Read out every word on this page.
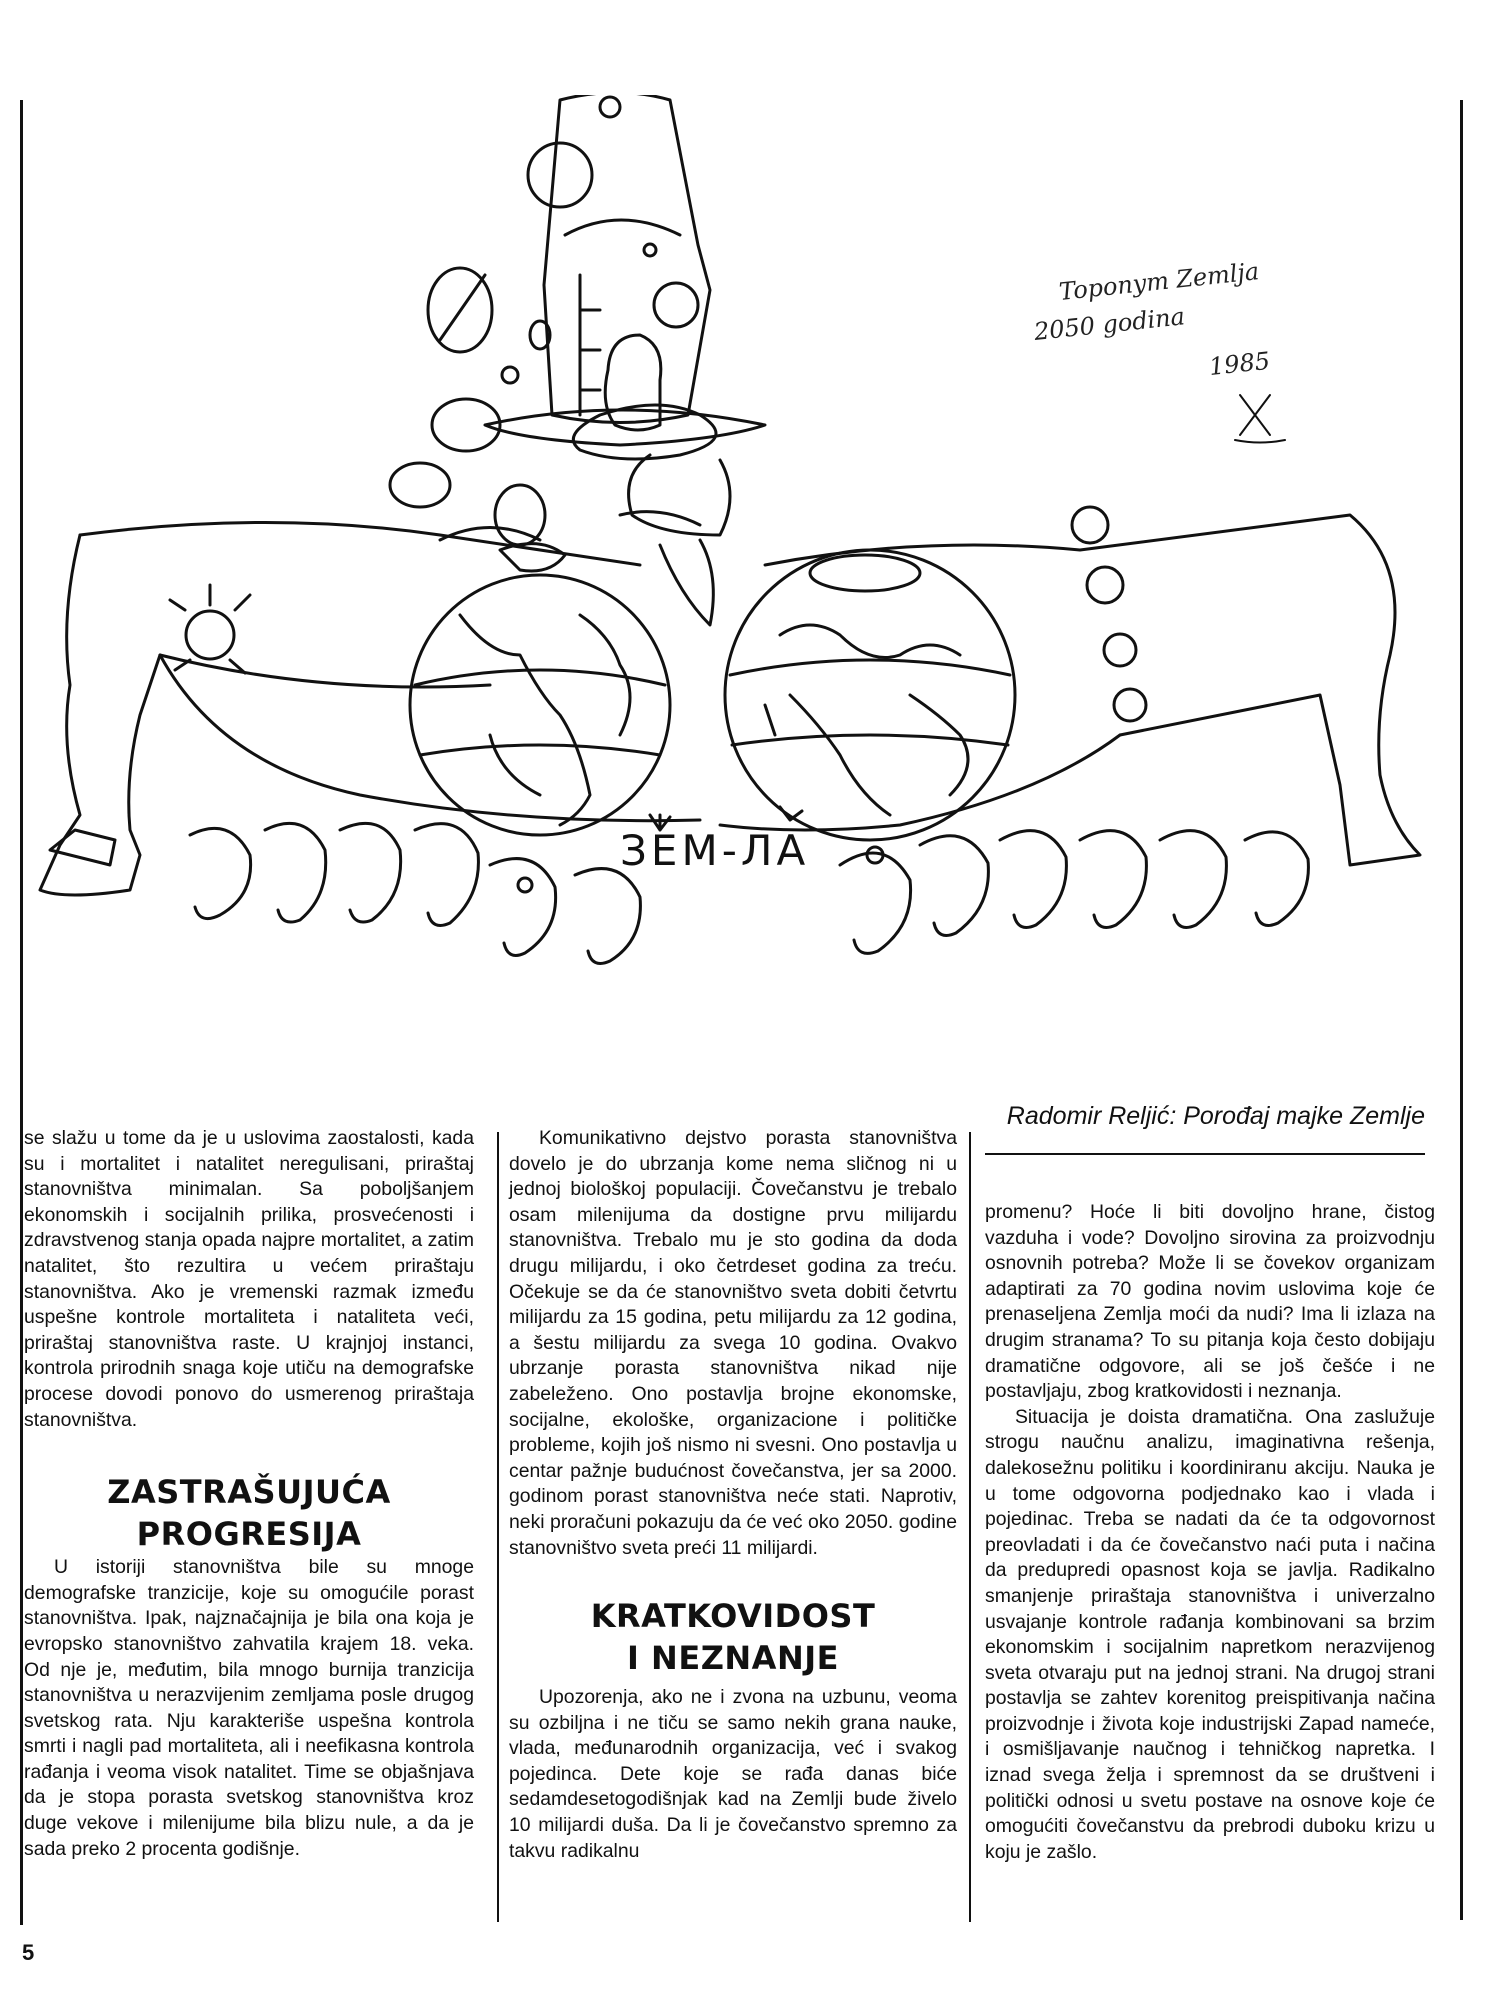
Toponym Zemlja
2050 godina
1985
ЗЕМ-ЛА
Radomir Reljić: Porođaj majke Zemlje

se slažu u tome da je u uslovima zaostalosti, kada su i mortalitet i natalitet neregulisani, priraštaj stanovništva minimalan. Sa poboljšanjem ekonomskih i socijalnih prilika, prosvećenosti i zdravstvenog stanja opada najpre mortalitet, a zatim natalitet, što rezultira u većem priraštaju stanovništva. Ako je vremenski razmak između uspešne kontrole mortaliteta i nataliteta veći, priraštaj stanovništva raste. U krajnjoj instanci, kontrola prirodnih snaga koje utiču na demografske procese dovodi ponovo do usmerenog priraštaja stanovništva.

ZASTRAŠUJUĆA
PROGRESIJA

U istoriji stanovništva bile su mnoge demografske tranzicije, koje su omogućile porast stanovništva. Ipak, najznačajnija je bila ona koja je evropsko stanovništvo zahvatila krajem 18. veka. Od nje je, međutim, bila mnogo burnija tranzicija stanovništva u nerazvijenim zemljama posle drugog svetskog rata. Nju karakteriše uspešna kontrola smrti i nagli pad mortaliteta, ali i neefikasna kontrola rađanja i veoma visok natalitet. Time se objašnjava da je stopa porasta svetskog stanovništva kroz duge vekove i milenijume bila blizu nule, a da je sada preko 2 procenta godišnje.

Komunikativno dejstvo porasta stanovništva dovelo je do ubrzanja kome nema sličnog ni u jednoj biološkoj populaciji. Čovečanstvu je trebalo osam milenijuma da dostigne prvu milijardu stanovništva. Trebalo mu je sto godina da doda drugu milijardu, i oko četrdeset godina za treću. Očekuje se da će stanovništvo sveta dobiti četvrtu milijardu za 15 godina, petu milijardu za 12 godina, a šestu milijardu za svega 10 godina. Ovakvo ubrzanje porasta stanovništva nikad nije zabeleženo. Ono postavlja brojne ekonomske, socijalne, ekološke, organizacione i političke probleme, kojih još nismo ni svesni. Ono postavlja u centar pažnje budućnost čovečanstva, jer sa 2000. godinom porast stanovništva neće stati. Naprotiv, neki proračuni pokazuju da će već oko 2050. godine stanovništvo sveta preći 11 milijardi.

KRATKOVIDOST
I NEZNANJE

Upozorenja, ako ne i zvona na uzbunu, veoma su ozbiljna i ne tiču se samo nekih grana nauke, vlada, međunarodnih organizacija, već i svakog pojedinca. Dete koje se rađa danas biće sedamdesetogodišnjak kad na Zemlji bude živelo 10 milijardi duša. Da li je čovečanstvo spremno za takvu radikalnu

promenu? Hoće li biti dovoljno hrane, čistog vazduha i vode? Dovoljno sirovina za proizvodnju osnovnih potreba? Može li se čovekov organizam adaptirati za 70 godina novim uslovima koje će prenaseljena Zemlja moći da nudi? Ima li izlaza na drugim stranama? To su pitanja koja često dobijaju dramatične odgovore, ali se još češće i ne postavljaju, zbog kratkovidosti i neznanja.

Situacija je doista dramatična. Ona zaslužuje strogu naučnu analizu, imaginativna rešenja, dalekosežnu politiku i koordiniranu akciju. Nauka je u tome odgovorna podjednako kao i vlada i pojedinac. Treba se nadati da će ta odgovornost preovladati i da će čovečanstvo naći puta i načina da predupredi opasnost koja se javlja. Radikalno smanjenje priraštaja stanovništva i univerzalno usvajanje kontrole rađanja kombinovani sa brzim ekonomskim i socijalnim napretkom nerazvijenog sveta otvaraju put na jednoj strani. Na drugoj strani postavlja se zahtev korenitog preispitivanja načina proizvodnje i života koje industrijski Zapad nameće, i osmišljavanje naučnog i tehničkog napretka. I iznad svega želja i spremnost da se društveni i politički odnosi u svetu postave na osnove koje će omogućiti čovečanstvu da prebrodi duboku krizu u koju je zašlo.

5
